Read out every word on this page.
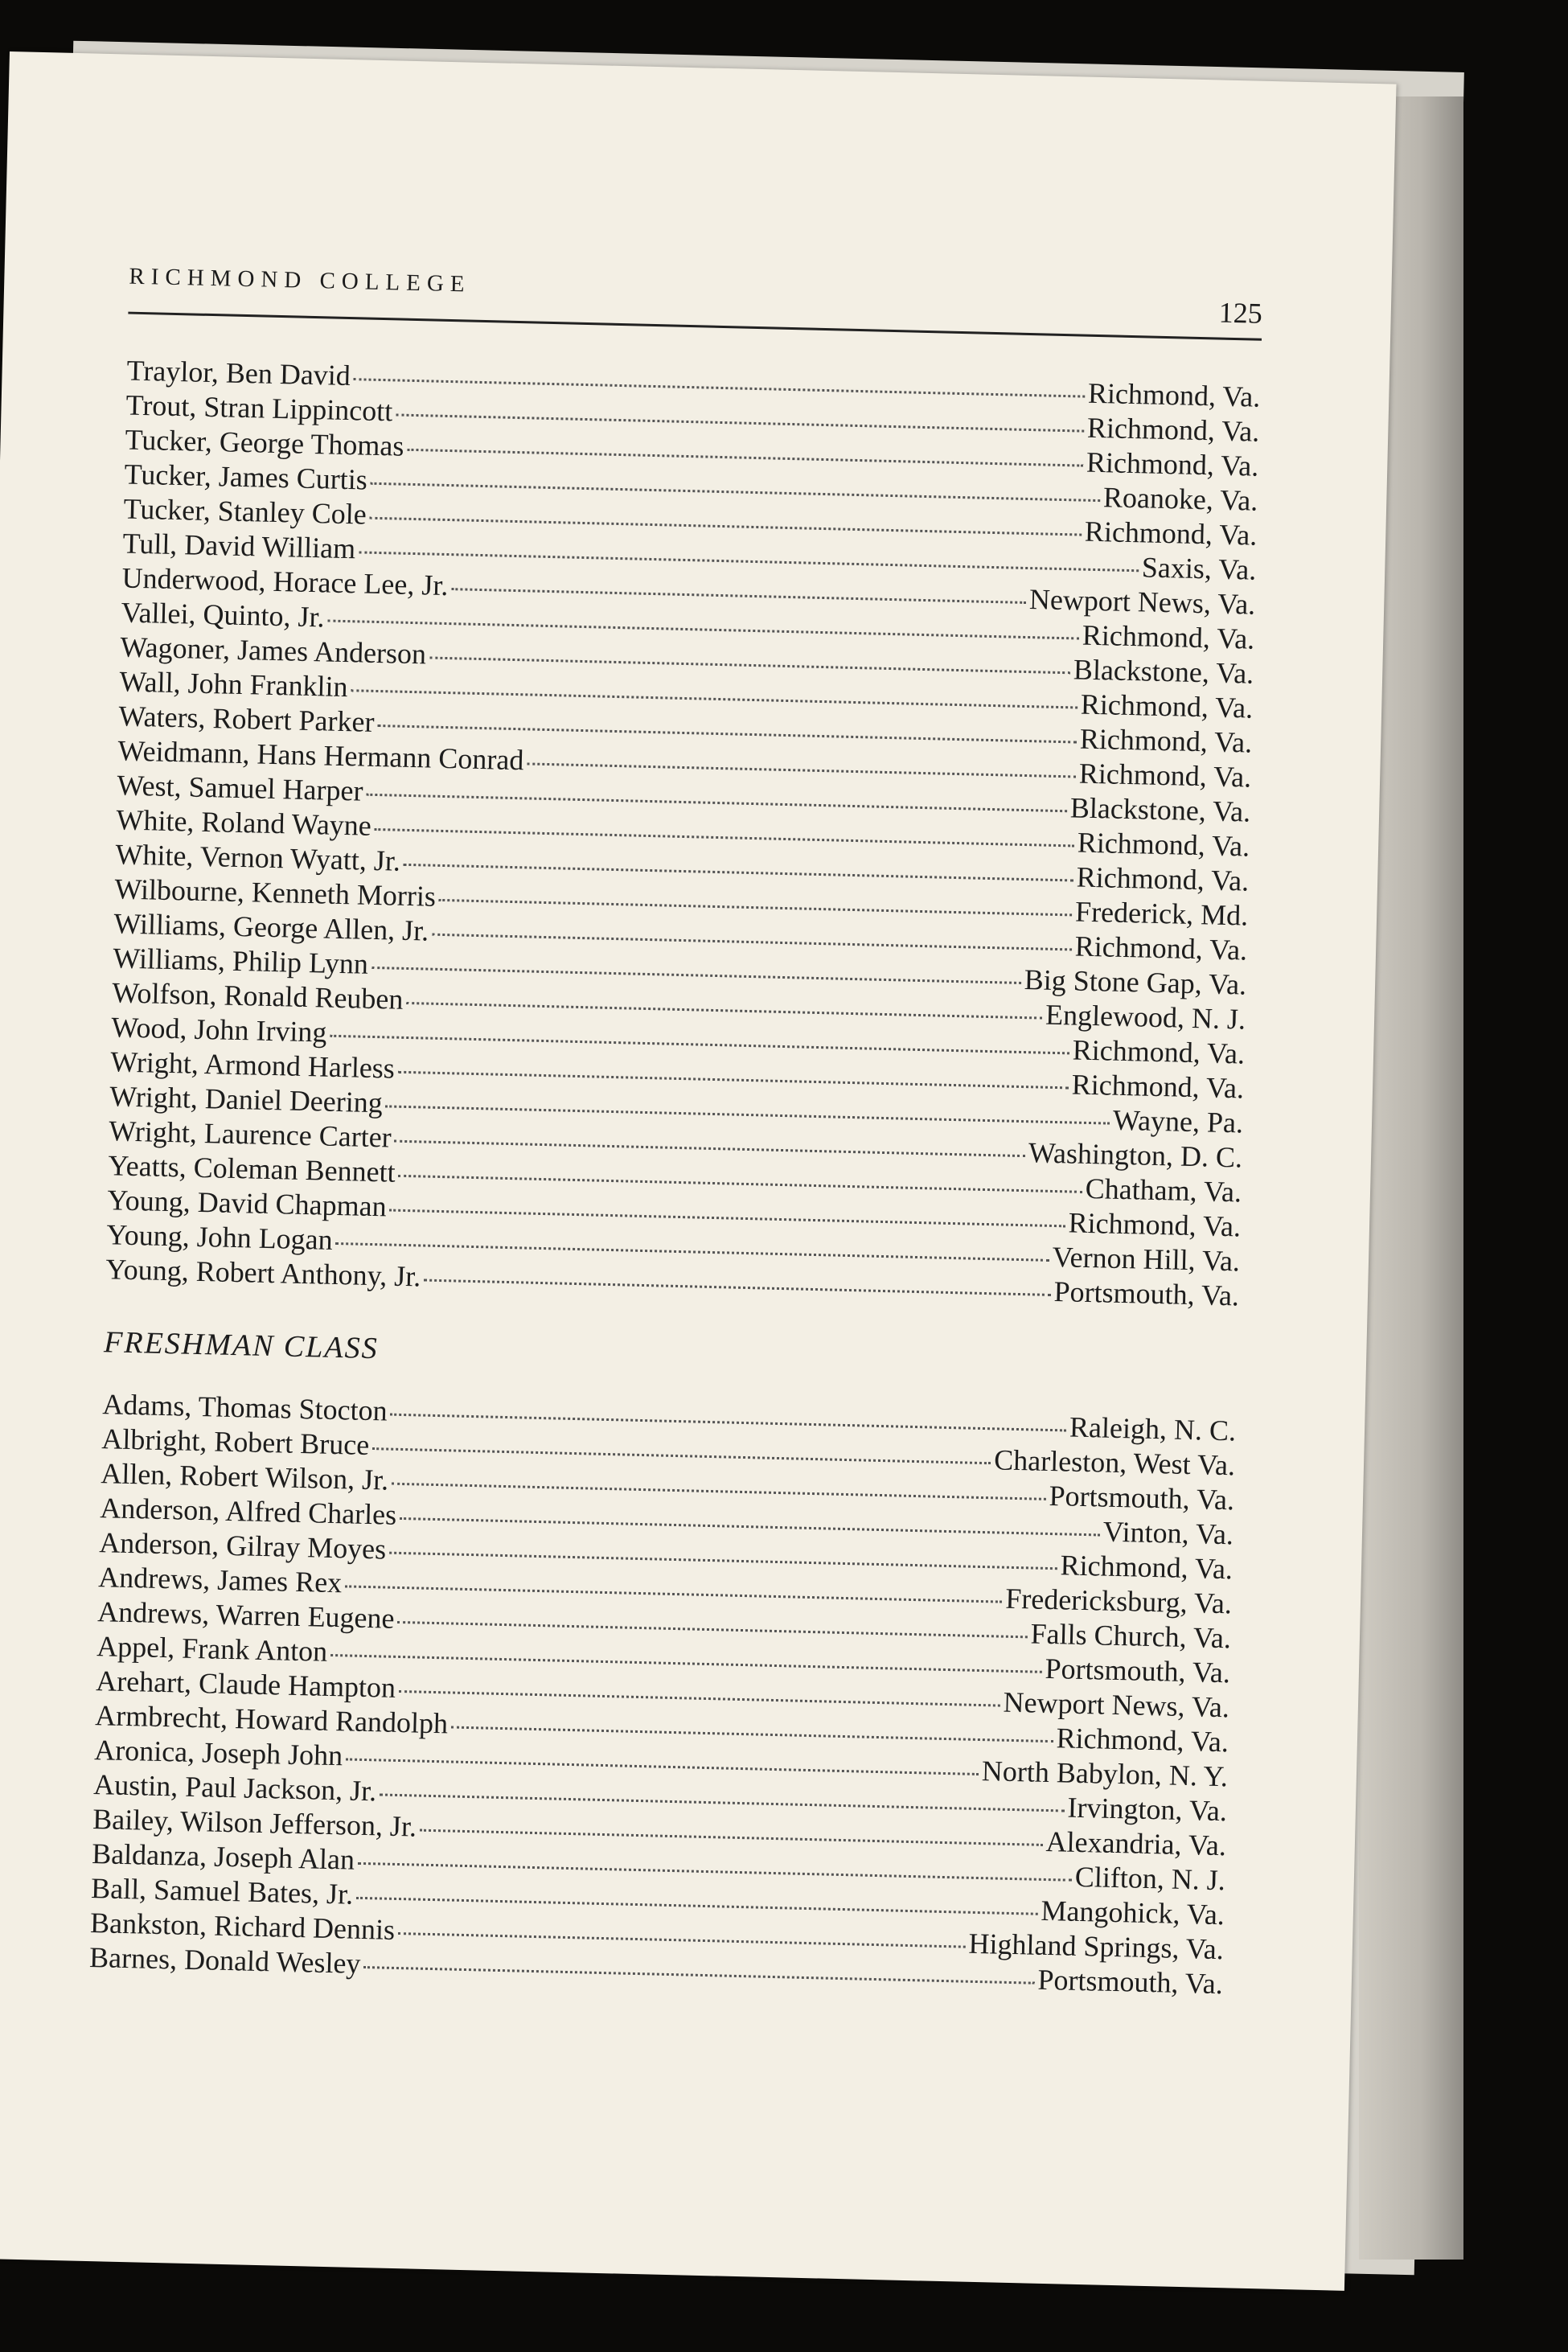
RICHMOND COLLEGE
125
Traylor, Ben David
Richmond, Va.
Trout, Stran Lippincott
Richmond, Va.
Tucker, George Thomas
Richmond, Va.
Tucker, James Curtis
Roanoke, Va.
Tucker, Stanley Cole
Richmond, Va.
Tull, David William
Saxis, Va.
Underwood, Horace Lee, Jr.
Newport News, Va.
Vallei, Quinto, Jr.
Richmond, Va.
Wagoner, James Anderson
Blackstone, Va.
Wall, John Franklin
Richmond, Va.
Waters, Robert Parker
Richmond, Va.
Weidmann, Hans Hermann Conrad	Richmond, Va.
West, Samuel Harper
Blackstone, Va.
White, Roland Wayne
Richmond, Va.
White, Vernon Wyatt, Jr.
Richmond, Va.
Wilbourne, Kenneth Morris
Frederick, Md.
Williams, George Allen, Jr.
Richmond, Va.
Williams, Philip Lynn
Big Stone Gap, Va.
Wolfson, Ronald Reuben
Englewood, N. J.
Wood, John Irving
Richmond, Va.
Wright, Armond Harless
Richmond, Va.
Wright, Daniel Deering
Wayne, Pa.
Wright, Laurence Carter
Washington, D. C.
Yeatts, Coleman Bennett
Chatham, Va.
Young, David Chapman
Richmond, Va.
Young, John Logan
Vernon Hill, Va.
Young, Robert Anthony, Jr.
Portsmouth, Va.
FRESHMAN CLASS
Adams, Thomas Stocton
Raleigh, N. C.
Albright, Robert Bruce
Charleston, West Va.
Allen, Robert Wilson, Jr.
Portsmouth, Va.
Anderson, Alfred Charles
Vinton, Va.
Anderson, Gilray Moyes
Richmond, Va.
Andrews, James Rex
Fredericksburg, Va.
Andrews, Warren Eugene
Falls Church, Va.
Appel, Frank Anton
Portsmouth, Va.
Arehart, Claude Hampton
Newport News, Va.
Armbrecht, Howard Randolph
Richmond, Va.
Aronica, Joseph John
North Babylon, N. Y.
Austin, Paul Jackson, Jr.
Irvington, Va.
Bailey, Wilson Jefferson, Jr.
Alexandria, Va.
Baldanza, Joseph Alan
Clifton, N. J.
Ball, Samuel Bates, Jr.
Mangohick, Va.
Bankston, Richard Dennis
Highland Springs, Va.
Barnes, Donald Wesley
Portsmouth, Va.
